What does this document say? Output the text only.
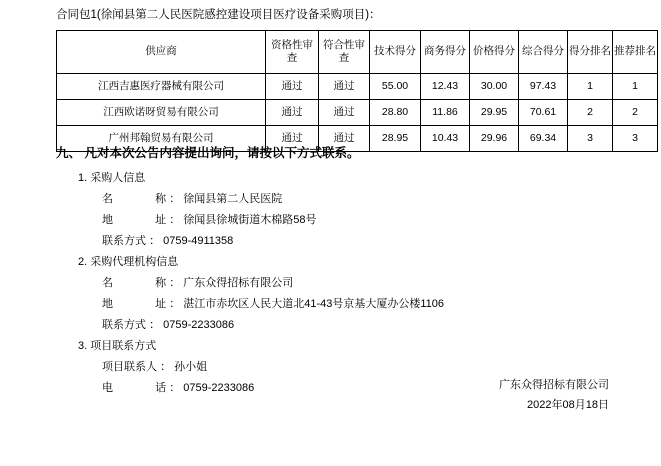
合同包1(徐闻县第二人民医院感控建设项目医疗设备采购项目)：
供应商	资格性审查	符合性审查	技术得分	商务得分	价格得分	综合得分	得分排名	推荐排名
江西吉惠医疗器械有限公司	通过	通过	55.00	12.43	30.00	97.43	1	1
江西欧诺呀贸易有限公司	通过	通过	28.80	11.86	29.95	70.61	2	2
广州邦翰贸易有限公司	通过	通过	28.95	10.43	29.96	69.34	3	3
九、 凡对本次公告内容提出询问，请按以下方式联系。
1. 采购人信息
名	称 ： 徐闻县第二人民医院
地	址 ： 徐闻县徐城街道木棉路58号
联系方式 ： 0759-4911358
2. 采购代理机构信息
名	称 ： 广东众得招标有限公司
地	址 ： 湛江市赤坎区人民大道北41-43号京基大厦办公楼1106
联系方式 ： 0759-2233086
3. 项目联系方式
项目联系人 ： 孙小姐
电	话 ： 0759-2233086	广东众得招标有限公司
2022年08月18日
